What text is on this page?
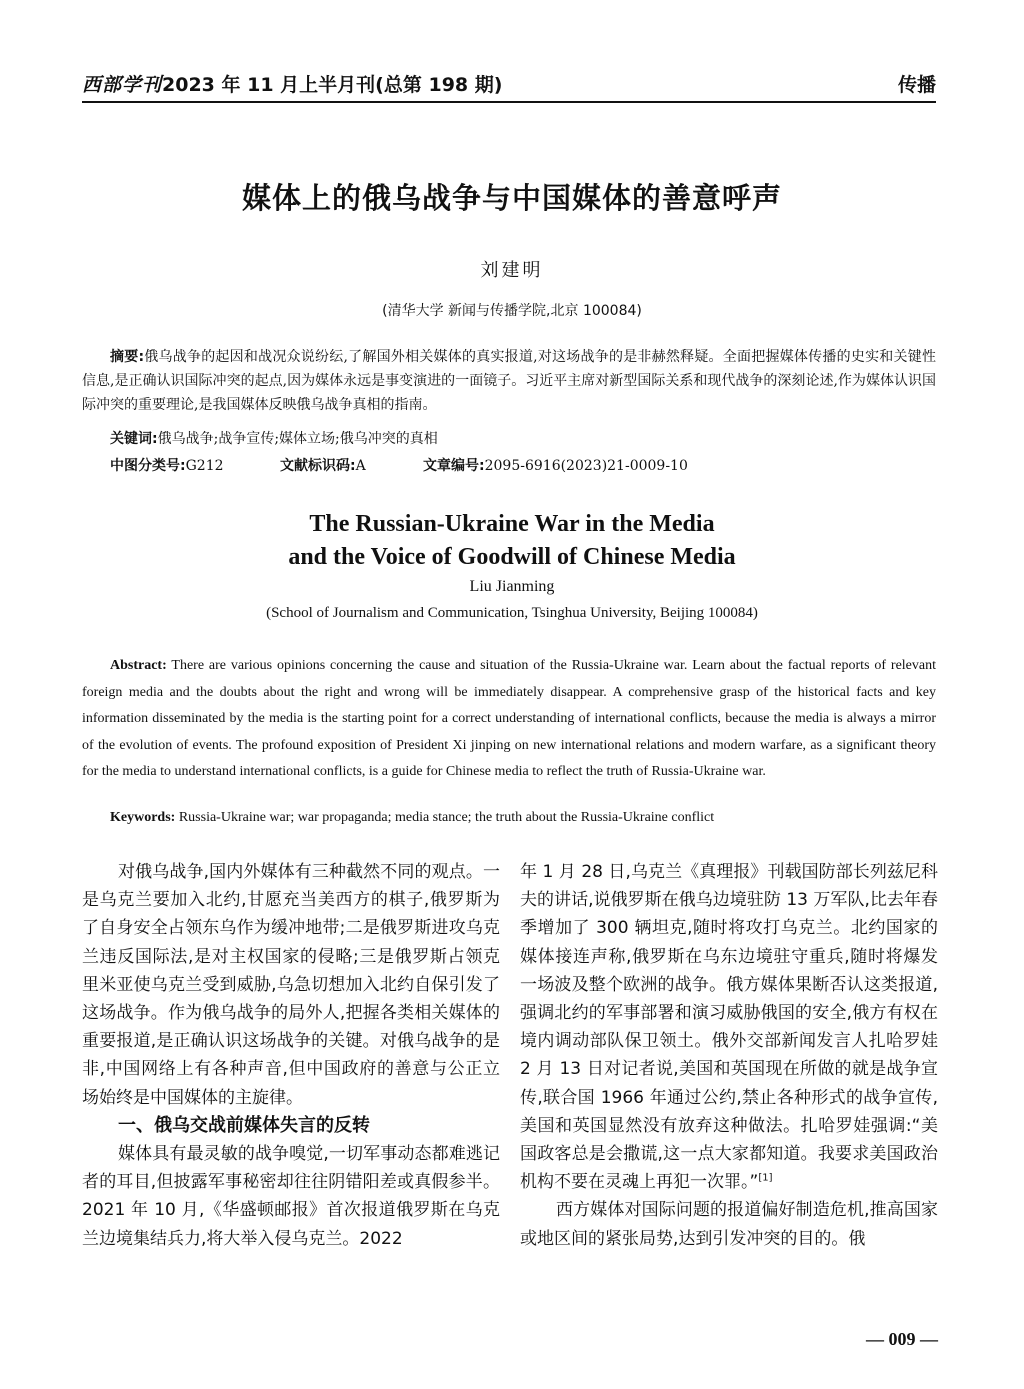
西部学刊2023 年 11 月上半月刊(总第 198 期)	传播
媒体上的俄乌战争与中国媒体的善意呼声
刘建明
(清华大学 新闻与传播学院,北京 100084)

摘要:俄乌战争的起因和战况众说纷纭,了解国外相关媒体的真实报道,对这场战争的是非赫然释疑。全面把握媒体传播的史实和关键性信息,是正确认识国际冲突的起点,因为媒体永远是事变演进的一面镜子。习近平主席对新型国际关系和现代战争的深刻论述,作为媒体认识国际冲突的重要理论,是我国媒体反映俄乌战争真相的指南。

关键词:俄乌战争;战争宣传;媒体立场;俄乌冲突的真相
中图分类号:G212	文献标识码:A	文章编号:2095-6916(2023)21-0009-10
The Russian-Ukraine War in the Media
and the Voice of Goodwill of Chinese Media
Liu Jianming
(School of Journalism and Communication, Tsinghua University, Beijing 100084)

Abstract: There are various opinions concerning the cause and situation of the Russia-Ukraine war. Learn about the factual reports of relevant foreign media and the doubts about the right and wrong will be immediately disappear. A comprehensive grasp of the historical facts and key information disseminated by the media is the starting point for a correct understanding of international conflicts, because the media is always a mirror of the evolution of events. The profound exposition of President Xi jinping on new international relations and modern warfare, as a significant theory for the media to understand international conflicts, is a guide for Chinese media to reflect the truth of Russia-Ukraine war.

Keywords: Russia-Ukraine war; war propaganda; media stance; the truth about the Russia-Ukraine conflict

对俄乌战争,国内外媒体有三种截然不同的观点。一是乌克兰要加入北约,甘愿充当美西方的棋子,俄罗斯为了自身安全占领东乌作为缓冲地带;二是俄罗斯进攻乌克兰违反国际法,是对主权国家的侵略;三是俄罗斯占领克里米亚使乌克兰受到威胁,乌急切想加入北约自保引发了这场战争。作为俄乌战争的局外人,把握各类相关媒体的重要报道,是正确认识这场战争的关键。对俄乌战争的是非,中国网络上有各种声音,但中国政府的善意与公正立场始终是中国媒体的主旋律。

一、俄乌交战前媒体失言的反转

媒体具有最灵敏的战争嗅觉,一切军事动态都难逃记者的耳目,但披露军事秘密却往往阴错阳差或真假参半。2021 年 10 月,《华盛顿邮报》首次报道俄罗斯在乌克兰边境集结兵力,将大举入侵乌克兰。2022

年 1 月 28 日,乌克兰《真理报》刊载国防部长列兹尼科夫的讲话,说俄罗斯在俄乌边境驻防 13 万军队,比去年春季增加了 300 辆坦克,随时将攻打乌克兰。北约国家的媒体接连声称,俄罗斯在乌东边境驻守重兵,随时将爆发一场波及整个欧洲的战争。俄方媒体果断否认这类报道,强调北约的军事部署和演习威胁俄国的安全,俄方有权在境内调动部队保卫领土。俄外交部新闻发言人扎哈罗娃 2 月 13 日对记者说,美国和英国现在所做的就是战争宣传,联合国 1966 年通过公约,禁止各种形式的战争宣传,美国和英国显然没有放弃这种做法。扎哈罗娃强调:“美国政客总是会撒谎,这一点大家都知道。我要求美国政治机构不要在灵魂上再犯一次罪。”[1]

西方媒体对国际问题的报道偏好制造危机,推高国家或地区间的紧张局势,达到引发冲突的目的。俄

— 009 —
